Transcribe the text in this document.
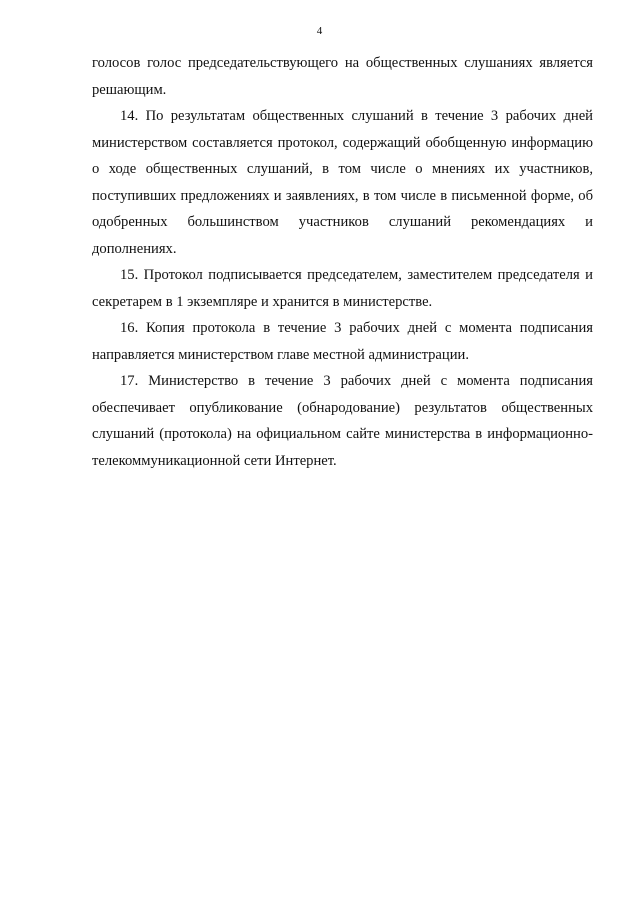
4

голосов голос председательствующего на общественных слушаниях является решающим.

14. По результатам общественных слушаний в течение 3 рабочих дней министерством составляется протокол, содержащий обобщенную информацию о ходе общественных слушаний, в том числе о мнениях их участников, поступивших предложениях и заявлениях, в том числе в письменной форме, об одобренных большинством участников слушаний рекомендациях и дополнениях.

15. Протокол подписывается председателем, заместителем председателя и секретарем в 1 экземпляре и хранится в министерстве.

16. Копия протокола в течение 3 рабочих дней с момента подписания направляется министерством главе местной администрации.

17. Министерство в течение 3 рабочих дней с момента подписания обеспечивает опубликование (обнародование) результатов общественных слушаний (протокола) на официальном сайте министерства в информационно-телекоммуникационной сети Интернет.
